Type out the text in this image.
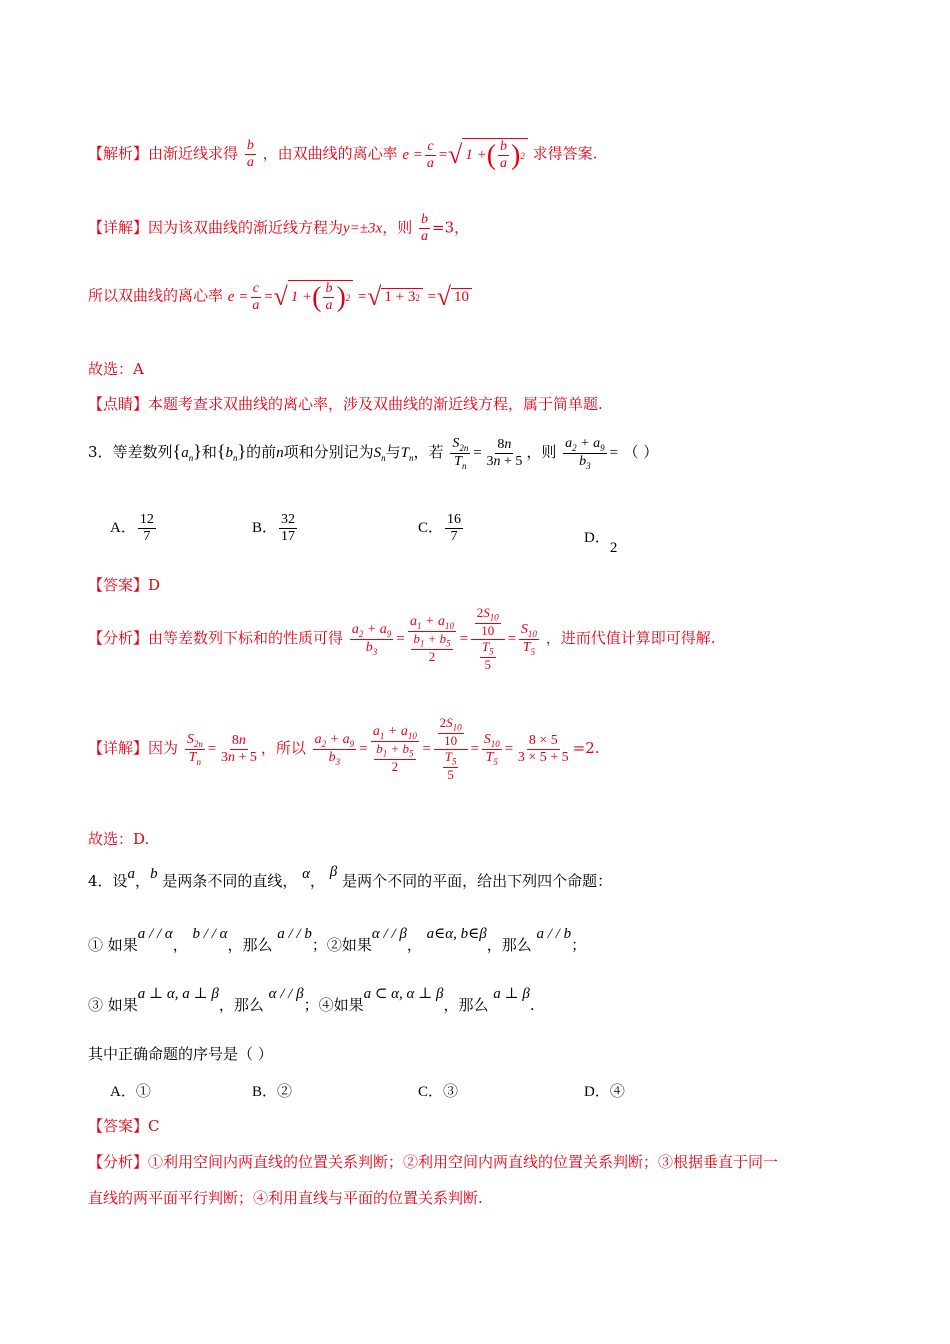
【解析】由渐近线求得 $\frac{b}{a}$ ，由双曲线的离心率 $e = \frac{c}{a}$ = √ 1 + ( $\frac{b}{a}$ ) 2 求得答案.
【详解】因为该双曲线的渐近线方程为y=±3x，则 $\frac{b}{a} =3$，
所以双曲线的离心率 $e = \frac{c}{a}$ = √ 1 + ( $\frac{b}{a}$ ) 2 = √ 1 + 3 2 = √ 10
故选：A
【点睛】本题考查求双曲线的离心率，涉及双曲线的渐近线方程，属于简单题.
3．等差数列$\{a_n\}$和$\{b_n\}$的前n项和分别记为$S_n$与$T_n$，若 $\frac{S_{2n}}{T_n} = \frac{8n}{3n + 5}$ ，则 $\frac{a_2 + a_9}{b_3}$ = （ ）
A． $\frac{12}{7}$	B． $\frac{32}{17}$	C． $\frac{16}{7}$	D．2
【答案】D
【分析】由等差数列下标和的性质可得 $\frac{a_2 + a_9}{b_3} = \frac{a_1 + a_{10}}{\frac{b_1 + b_5}{2}} = \frac{\frac{2S_{10}}{10}}{\frac{T_5}{5}} = \frac{S_{10}}{T_5}$ ，进而代值计算即可得解.
【详解】因为 $\frac{S_{2n}}{T_n} = \frac{8n}{3n + 5}$ ，所以 $\frac{a_2 + a_9}{b_3} = \frac{a_1 + a_{10}}{\frac{b_1 + b_5}{2}} = \frac{\frac{2S_{10}}{10}}{\frac{T_5}{5}} = \frac{S_{10}}{T_5} = \frac{8 \times 5}{3 \times 5 + 5} =2$.
故选：D.
4．设a，b 是两条不同的直线， α， β 是两个不同的平面，给出下列四个命题：
① 如果a / / α， b / / α，那么 a / / b；②如果α / / β， a∈α, b∈β，那么 a / / b；
③ 如果a ⊥ α, a ⊥ β，那么 α / / β；④如果a ⊂ α, α ⊥ β，那么 a ⊥ β.
其中正确命题的序号是（ ）
A．①	B．②	C．③	D．④
【答案】C
【分析】①利用空间内两直线的位置关系判断；②利用空间内两直线的位置关系判断；③根据垂直于同一
直线的两平面平行判断；④利用直线与平面的位置关系判断.
